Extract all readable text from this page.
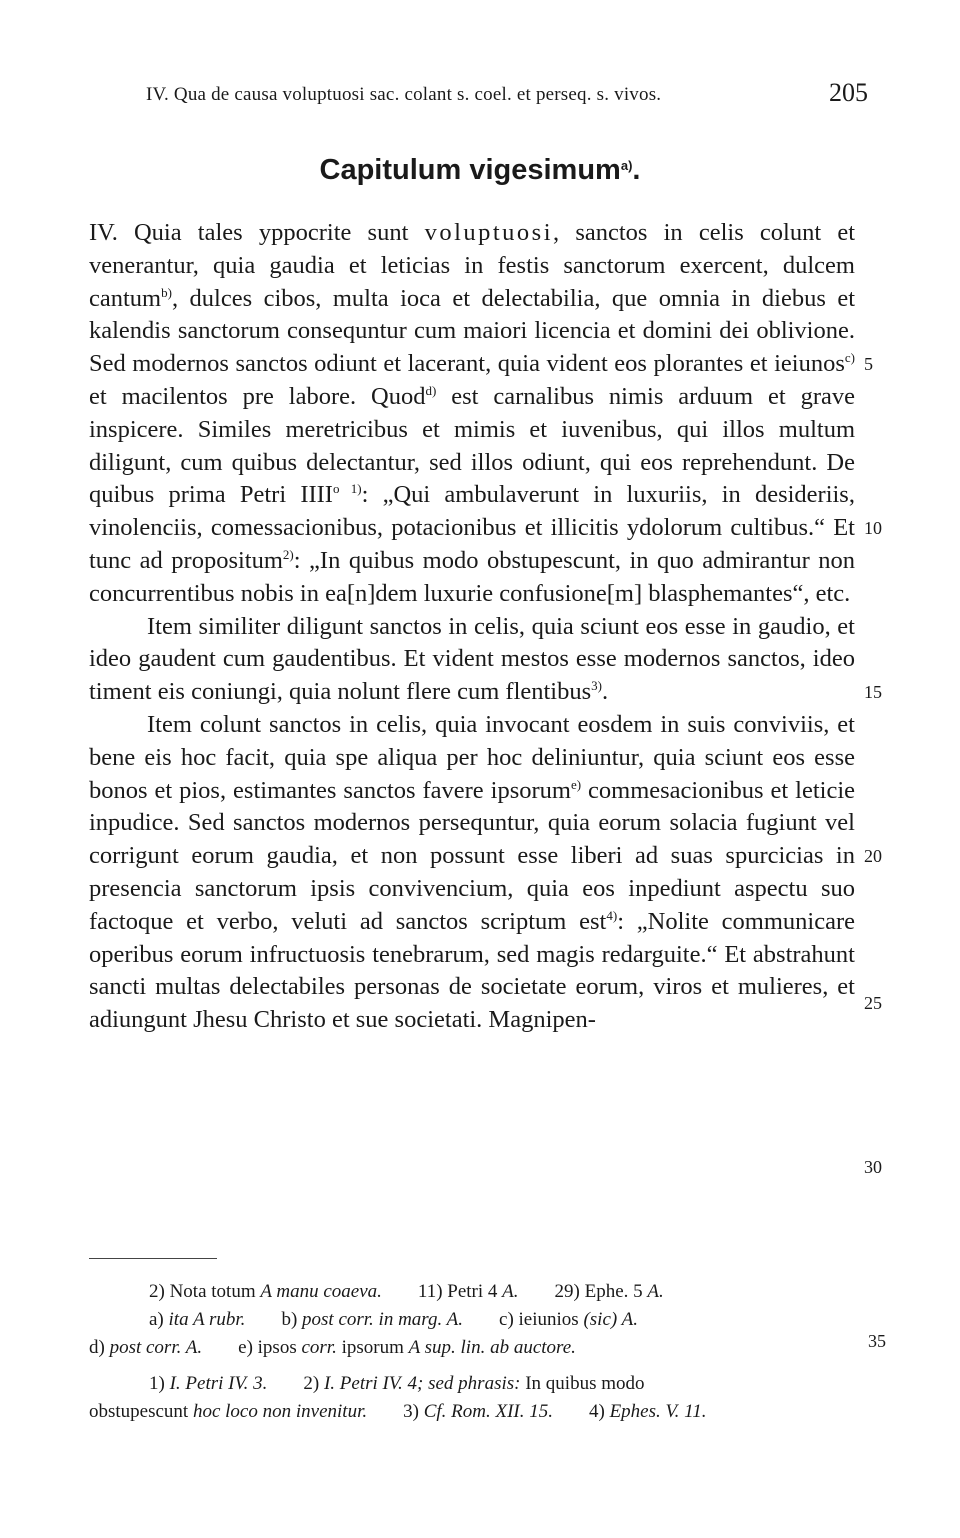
IV. Qua de causa voluptuosi sac. colant s. coel. et perseq. s. vivos.	205
Capitulum vigesimum$^{a)}$.

IV. Quia tales yppocrite sunt voluptuosi, sanctos in celis colunt et venerantur, quia gaudia et leticias in festis sanctorum exercent, dulcem cantum$^{b)}$, dulces cibos, multa ioca et delectabilia, que omnia in diebus et kalendis sanctorum consequntur cum maiori licencia et domini dei oblivione. Sed modernos sanctos odiunt et lacerant, quia vident eos plorantes et ieiunos$^{c)}$ et macilentos pre labore. Quod$^{d)}$ est carnalibus nimis arduum et grave inspicere. Similes meretricibus et mimis et iuvenibus, qui illos multum diligunt, cum quibus delectantur, sed illos odiunt, qui eos reprehendunt. De quibus prima Petri $IIII^{o 1)}$: „Qui ambulaverunt in luxuriis, in desideriis, vinolenciis, comessacionibus, potacionibus et illicitis ydolorum cultibus.“ Et tunc ad propositum$^{2)}$: „In quibus modo obstupescunt, in quo admirantur non concurrentibus nobis in ea[n]dem luxurie confusione[m] blasphemantes“, etc.

Item similiter diligunt sanctos in celis, quia sciunt eos esse in gaudio, et ideo gaudent cum gaudentibus. Et vident mestos esse modernos sanctos, ideo timent eis coniungi, quia nolunt flere cum flentibus$^{3)}$.

Item colunt sanctos in celis, quia invocant eosdem in suis conviviis, et bene eis hoc facit, quia spe aliqua per hoc deliniuntur, quia sciunt eos esse bonos et pios, estimantes sanctos favere ipsorum$^{e)}$ commesacionibus et leticie inpudice. Sed sanctos modernos persequntur, quia eorum solacia fugiunt vel corrigunt eorum gaudia, et non possunt esse liberi ad suas spurcicias in presencia sanctorum ipsis convivencium, quia eos inpediunt aspectu suo factoque et verbo, veluti ad sanctos scriptum est$^{4)}$: „Nolite communicare operibus eorum infructuosis tenebrarum, sed magis redarguite.“ Et abstrahunt sancti multas delectabiles personas de societate eorum, viros et mulieres, et adiungunt Jhesu Christo et sue societati. Magnipen-

5
10
15
20
25
30
2) Nota totum A manu coaeva. 11) Petri 4 A. 29) Ephe. 5 A.
a) ita A rubr. b) post corr. in marg. A. c) ieiunios (sic) A.
d) post corr. A. e) ipsos corr. ipsorum A sup. lin. ab auctore.
1) I. Petri IV. 3. 2) I. Petri IV. 4; sed phrasis: In quibus modo
obstupescunt hoc loco non invenitur. 3) Cf. Rom. XII. 15. 4) Ephes. V. 11.
35
